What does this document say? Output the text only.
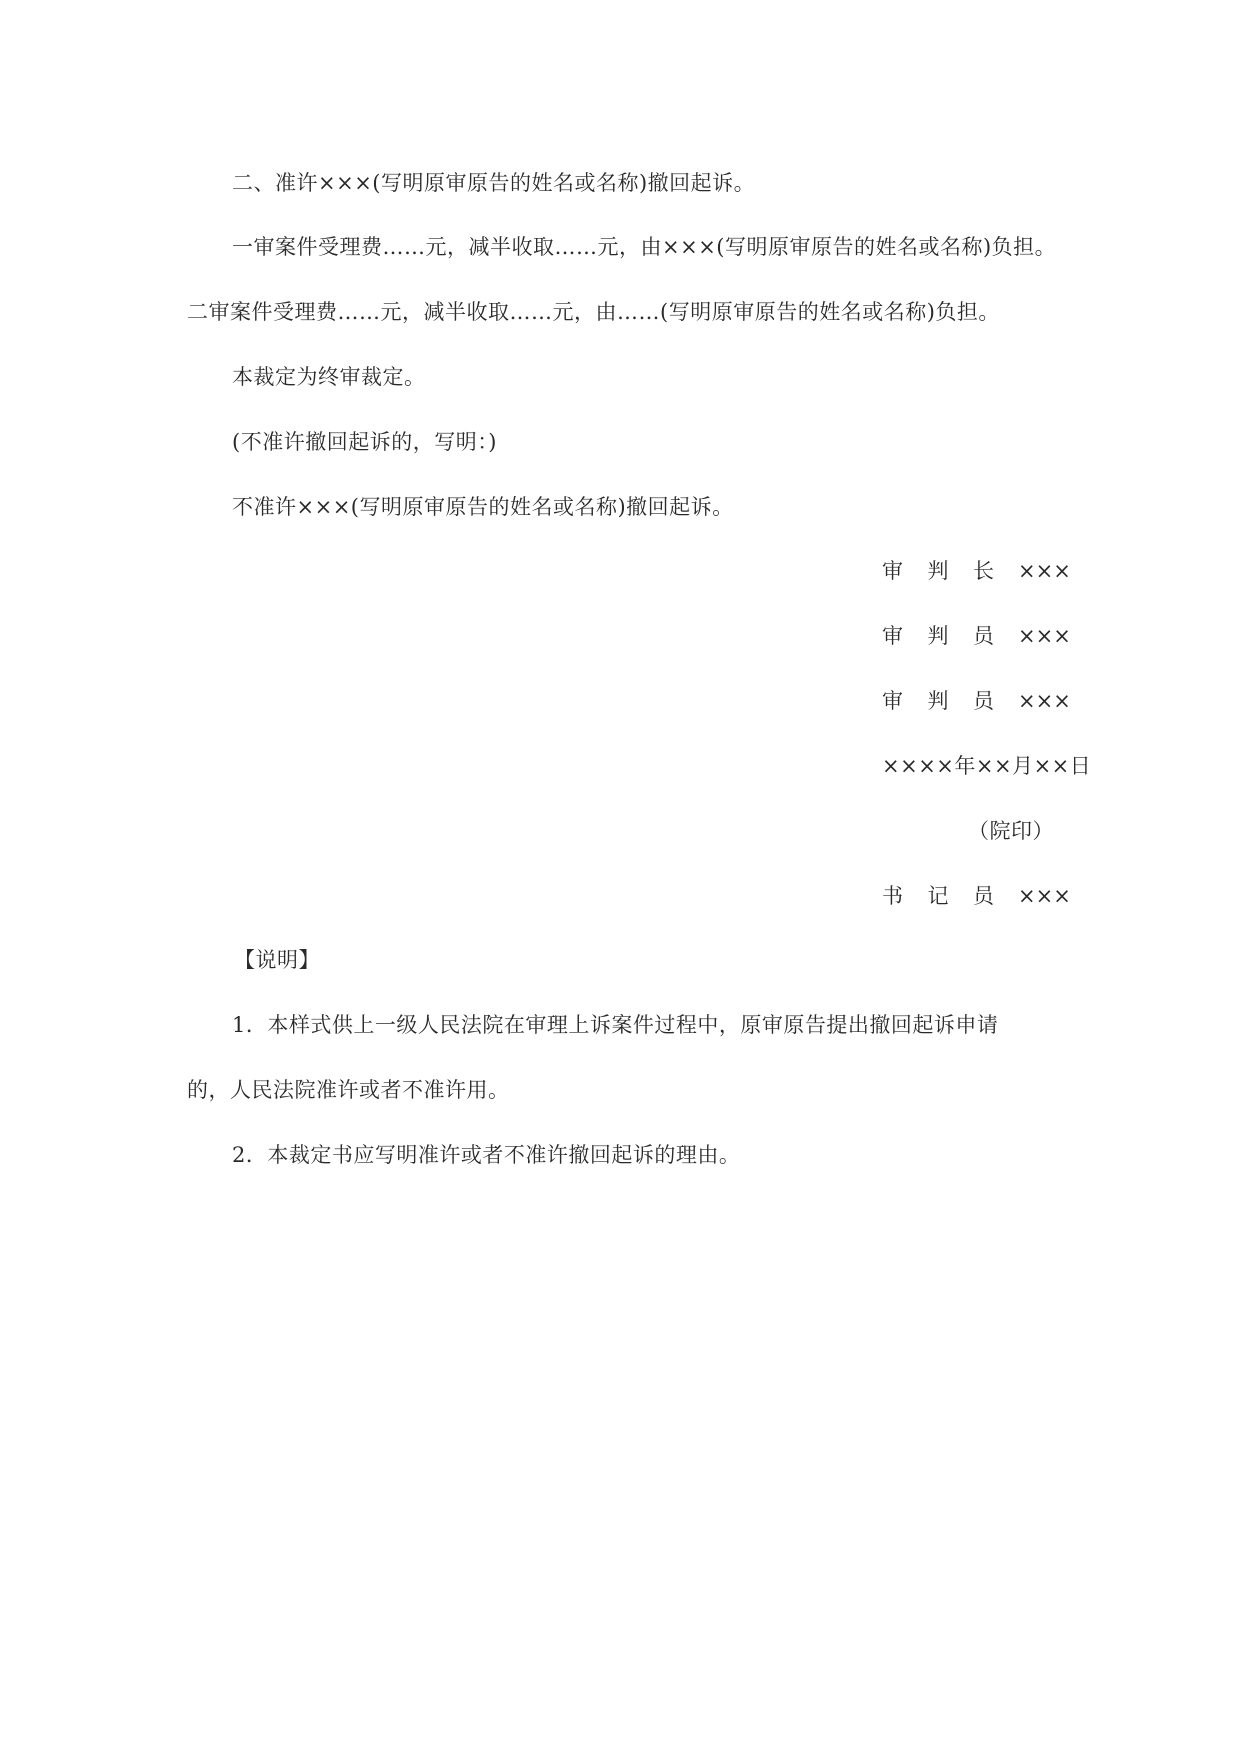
二、准许×××(写明原审原告的姓名或名称)撤回起诉。
一审案件受理费……元，减半收取……元，由×××(写明原审原告的姓名或名称)负担。
二审案件受理费……元，减半收取……元，由……(写明原审原告的姓名或名称)负担。
本裁定为终审裁定。
(不准许撤回起诉的，写明：)
不准许×××(写明原审原告的姓名或名称)撤回起诉。
审 判 长 ×××
审 判 员 ×××
审 判 员 ×××
××××年××月××日
（院印）
书 记 员 ×××
【说明】
1．本样式供上一级人民法院在审理上诉案件过程中，原审原告提出撤回起诉申请
的，人民法院准许或者不准许用。
2．本裁定书应写明准许或者不准许撤回起诉的理由。
